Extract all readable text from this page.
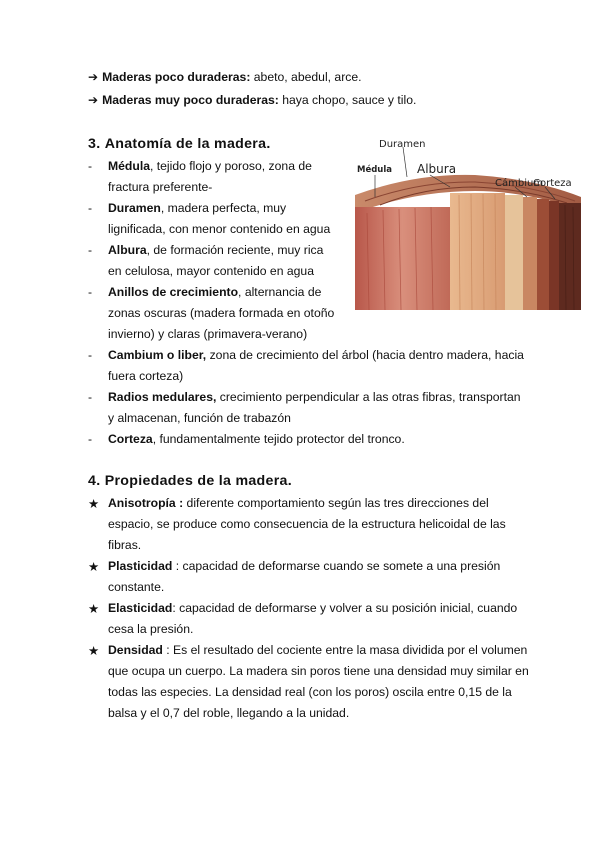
➔ Maderas poco duraderas: abeto, abedul, arce.
➔ Maderas muy poco duraderas: haya chopo, sauce y tilo.
3. Anatomía de la madera.
-	Médula, tejido flojo y poroso, zona de
fractura preferente-
-	Duramen, madera perfecta, muy
lignificada, con menor contenido en agua
-	Albura, de formación reciente, muy rica
en celulosa, mayor contenido en agua
-	Anillos de crecimiento, alternancia de
zonas oscuras (madera formada en otoño
invierno) y claras (primavera-verano)
-	Cambium o liber, zona de crecimiento del árbol (hacia dentro madera, hacia
fuera corteza)
-	Radios medulares, crecimiento perpendicular a las otras fibras, transportan
y almacenan, función de trabazón
-	Corteza, fundamentalmente tejido protector del tronco.
Duramen
Médula Albura
Cámbium
Corteza
4. Propiedades de la madera.
★ Anisotropía : diferente comportamiento según las tres direcciones del
espacio, se produce como consecuencia de la estructura helicoidal de las
fibras.
★ Plasticidad : capacidad de deformarse cuando se somete a una presión
constante.
★ Elasticidad: capacidad de deformarse y volver a su posición inicial, cuando
cesa la presión.
★ Densidad : Es el resultado del cociente entre la masa dividida por el volumen
que ocupa un cuerpo. La madera sin poros tiene una densidad muy similar en
todas las especies. La densidad real (con los poros) oscila entre 0,15 de la
balsa y el 0,7 del roble, llegando a la unidad.
